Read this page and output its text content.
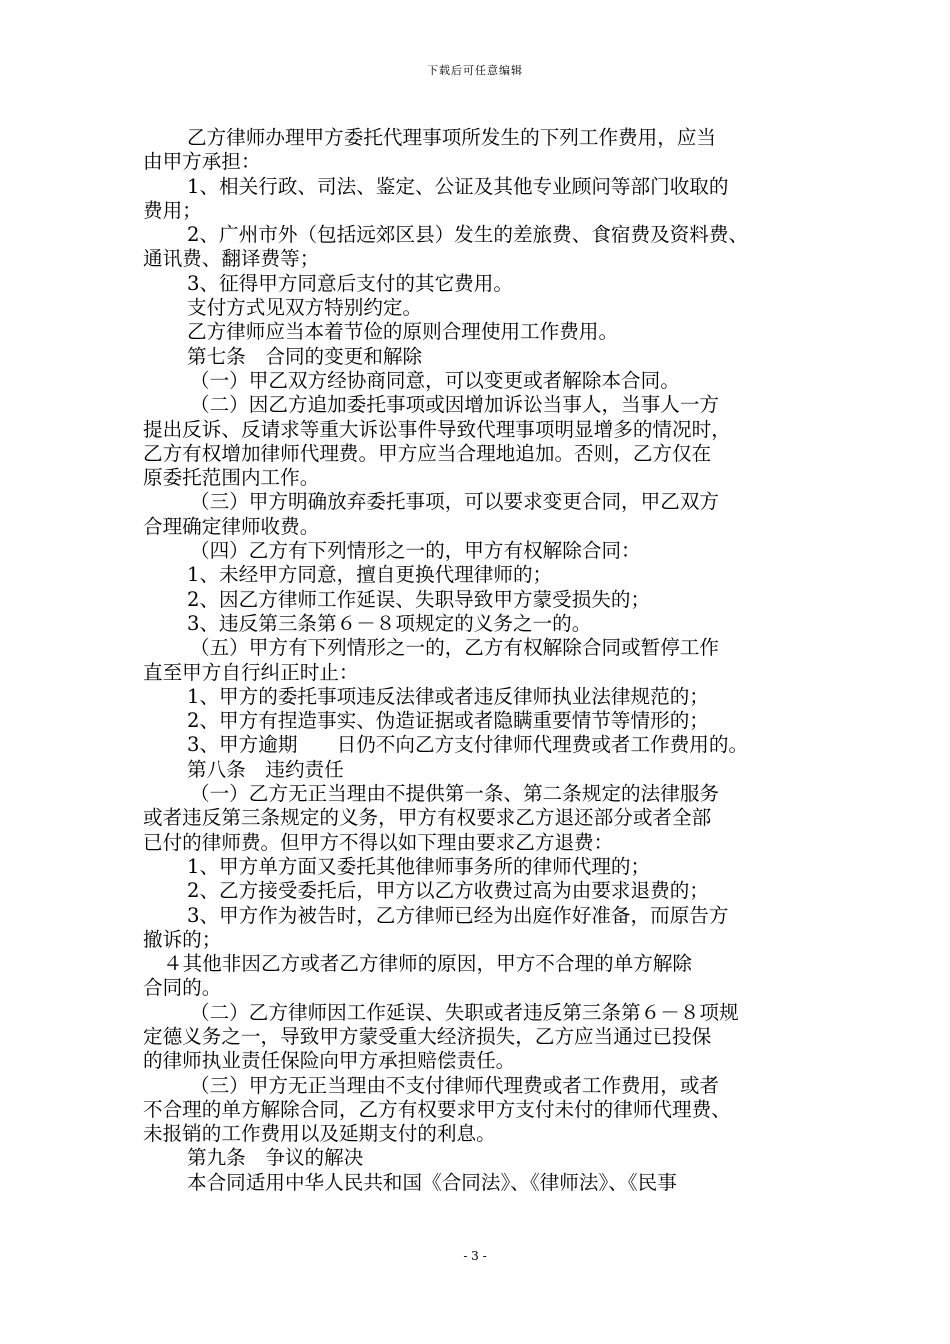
下载后可任意编辑
乙方律师办理甲方委托代理事项所发生的下列工作费用，应当
由甲方承担：
1、相关行政、司法、鉴定、公证及其他专业顾问等部门收取的
费用；
2、广州市外（包括远郊区县）发生的差旅费、食宿费及资料费、
通讯费、翻译费等；
3、征得甲方同意后支付的其它费用。
支付方式见双方特别约定。
乙方律师应当本着节俭的原则合理使用工作费用。
第七条　合同的变更和解除
（一）甲乙双方经协商同意，可以变更或者解除本合同。
（二）因乙方追加委托事项或因增加诉讼当事人，当事人一方
提出反诉、反请求等重大诉讼事件导致代理事项明显增多的情况时，
乙方有权增加律师代理费。甲方应当合理地追加。否则，乙方仅在
原委托范围内工作。
（三）甲方明确放弃委托事项，可以要求变更合同，甲乙双方
合理确定律师收费。
（四）乙方有下列情形之一的，甲方有权解除合同：
1、未经甲方同意，擅自更换代理律师的；
2、因乙方律师工作延误、失职导致甲方蒙受损失的；
3、违反第三条第６－８项规定的义务之一的。
（五）甲方有下列情形之一的，乙方有权解除合同或暂停工作
直至甲方自行纠正时止：
1、甲方的委托事项违反法律或者违反律师执业法律规范的；
2、甲方有捏造事实、伪造证据或者隐瞒重要情节等情形的；
3、甲方逾期　　日仍不向乙方支付律师代理费或者工作费用的。
第八条　违约责任
（一）乙方无正当理由不提供第一条、第二条规定的法律服务
或者违反第三条规定的义务，甲方有权要求乙方退还部分或者全部
已付的律师费。但甲方不得以如下理由要求乙方退费：
1、甲方单方面又委托其他律师事务所的律师代理的；
2、乙方接受委托后，甲方以乙方收费过高为由要求退费的；
3、甲方作为被告时，乙方律师已经为出庭作好准备，而原告方
撤诉的；
４其他非因乙方或者乙方律师的原因，甲方不合理的单方解除
合同的。
（二）乙方律师因工作延误、失职或者违反第三条第６－８项规
定德义务之一，导致甲方蒙受重大经济损失，乙方应当通过已投保
的律师执业责任保险向甲方承担赔偿责任。
（三）甲方无正当理由不支付律师代理费或者工作费用，或者
不合理的单方解除合同，乙方有权要求甲方支付未付的律师代理费、
未报销的工作费用以及延期支付的利息。
第九条　争议的解决
本合同适用中华人民共和国《合同法》、《律师法》、《民事
- 3 -
